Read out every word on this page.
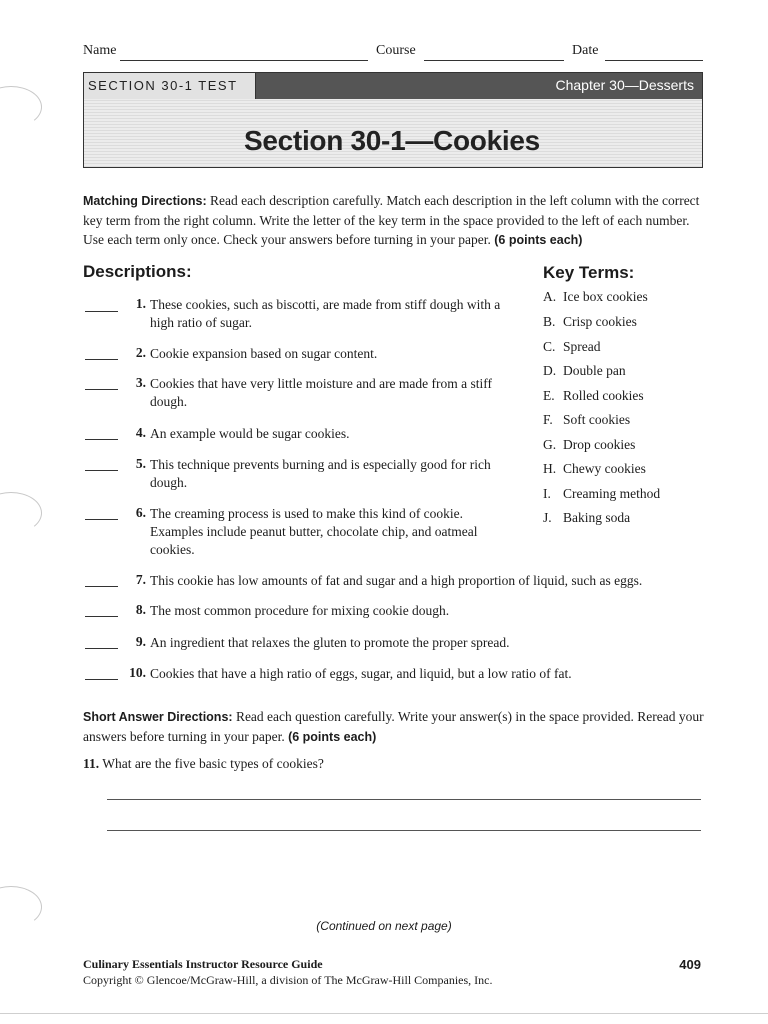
Name	Course	Date
SECTION 30-1 TEST	Chapter 30—Desserts
Section 30-1—Cookies
Matching Directions: Read each description carefully. Match each description in the left column with the correct key term from the right column. Write the letter of the key term in the space provided to the left of each number. Use each term only once. Check your answers before turning in your paper. (6 points each)
Descriptions:	Key Terms:
1. These cookies, such as biscotti, are made from stiff dough with a high ratio of sugar.
2. Cookie expansion based on sugar content.
3. Cookies that have very little moisture and are made from a stiff dough.
4. An example would be sugar cookies.
5. This technique prevents burning and is especially good for rich dough.
6. The creaming process is used to make this kind of cookie. Examples include peanut butter, chocolate chip, and oatmeal cookies.
7. This cookie has low amounts of fat and sugar and a high proportion of liquid, such as eggs.
8. The most common procedure for mixing cookie dough.
9. An ingredient that relaxes the gluten to promote the proper spread.
10. Cookies that have a high ratio of eggs, sugar, and liquid, but a low ratio of fat.
A. Ice box cookies
B. Crisp cookies
C. Spread
D. Double pan
E. Rolled cookies
F. Soft cookies
G. Drop cookies
H. Chewy cookies
I. Creaming method
J. Baking soda
Short Answer Directions: Read each question carefully. Write your answer(s) in the space provided. Reread your answers before turning in your paper. (6 points each)
11. What are the five basic types of cookies?
(Continued on next page)
Culinary Essentials Instructor Resource Guide
Copyright © Glencoe/McGraw-Hill, a division of The McGraw-Hill Companies, Inc.
409
